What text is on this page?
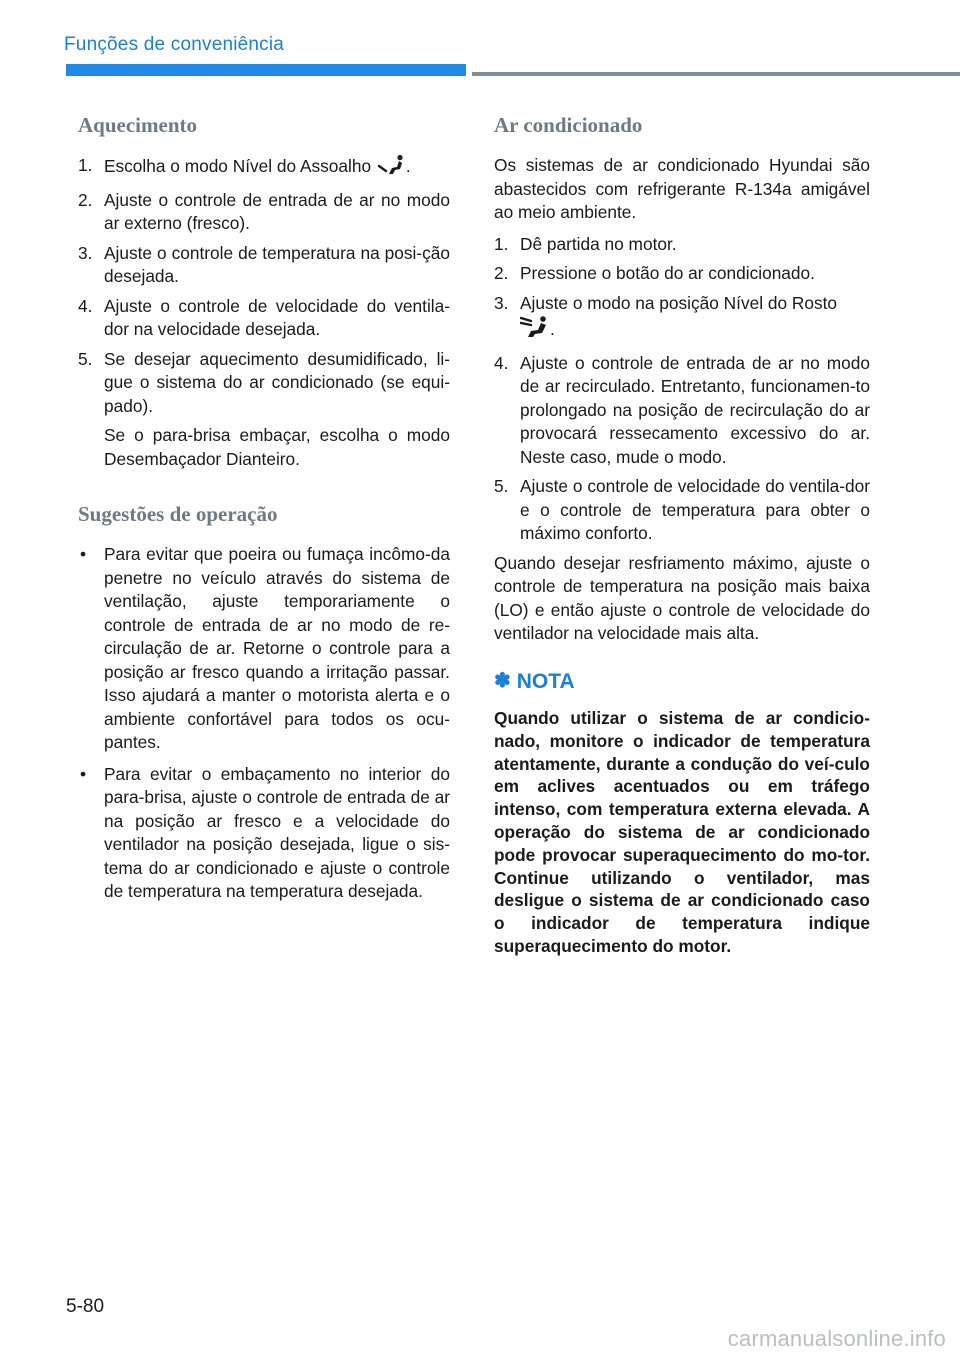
Funções de conveniência
Aquecimento
1. Escolha o modo Nível do Assoalho .
2. Ajuste o controle de entrada de ar no modo ar externo (fresco).
3. Ajuste o controle de temperatura na posi-ção desejada.
4. Ajuste o controle de velocidade do ventila-dor na velocidade desejada.
5. Se desejar aquecimento desumidificado, li-gue o sistema do ar condicionado (se equi-pado).
Se o para-brisa embaçar, escolha o modo Desembaçador Dianteiro.
Sugestões de operação
•	Para evitar que poeira ou fumaça incômo-da penetre no veículo através do sistema de ventilação, ajuste temporariamente o controle de entrada de ar no modo de re-circulação de ar. Retorne o controle para a posição ar fresco quando a irritação passar. Isso ajudará a manter o motorista alerta e o ambiente confortável para todos os ocu-pantes.
•	Para evitar o embaçamento no interior do para-brisa, ajuste o controle de entrada de ar na posição ar fresco e a velocidade do ventilador na posição desejada, ligue o sis-tema do ar condicionado e ajuste o controle de temperatura na temperatura desejada.
Ar condicionado

Os sistemas de ar condicionado Hyundai são abastecidos com refrigerante R-134a amigável ao meio ambiente.

1. Dê partida no motor.
2. Pressione o botão do ar condicionado.
3. Ajuste o modo na posição Nível do Rosto
.
4. Ajuste o controle de entrada de ar no modo de ar recirculado. Entretanto, funcionamen-to prolongado na posição de recirculação do ar provocará ressecamento excessivo do ar. Neste caso, mude o modo.
5. Ajuste o controle de velocidade do ventila-dor e o controle de temperatura para obter o máximo conforto.

Quando desejar resfriamento máximo, ajuste o controle de temperatura na posição mais baixa (LO) e então ajuste o controle de velocidade do ventilador na velocidade mais alta.

✽ NOTA
Quando utilizar o sistema de ar condicio-nado, monitore o indicador de temperatura atentamente, durante a condução do veí-culo em aclives acentuados ou em tráfego intenso, com temperatura externa elevada. A operação do sistema de ar condicionado pode provocar superaquecimento do mo-tor. Continue utilizando o ventilador, mas desligue o sistema de ar condicionado caso o indicador de temperatura indique superaquecimento do motor.
5-80
carmanualsonline.info
